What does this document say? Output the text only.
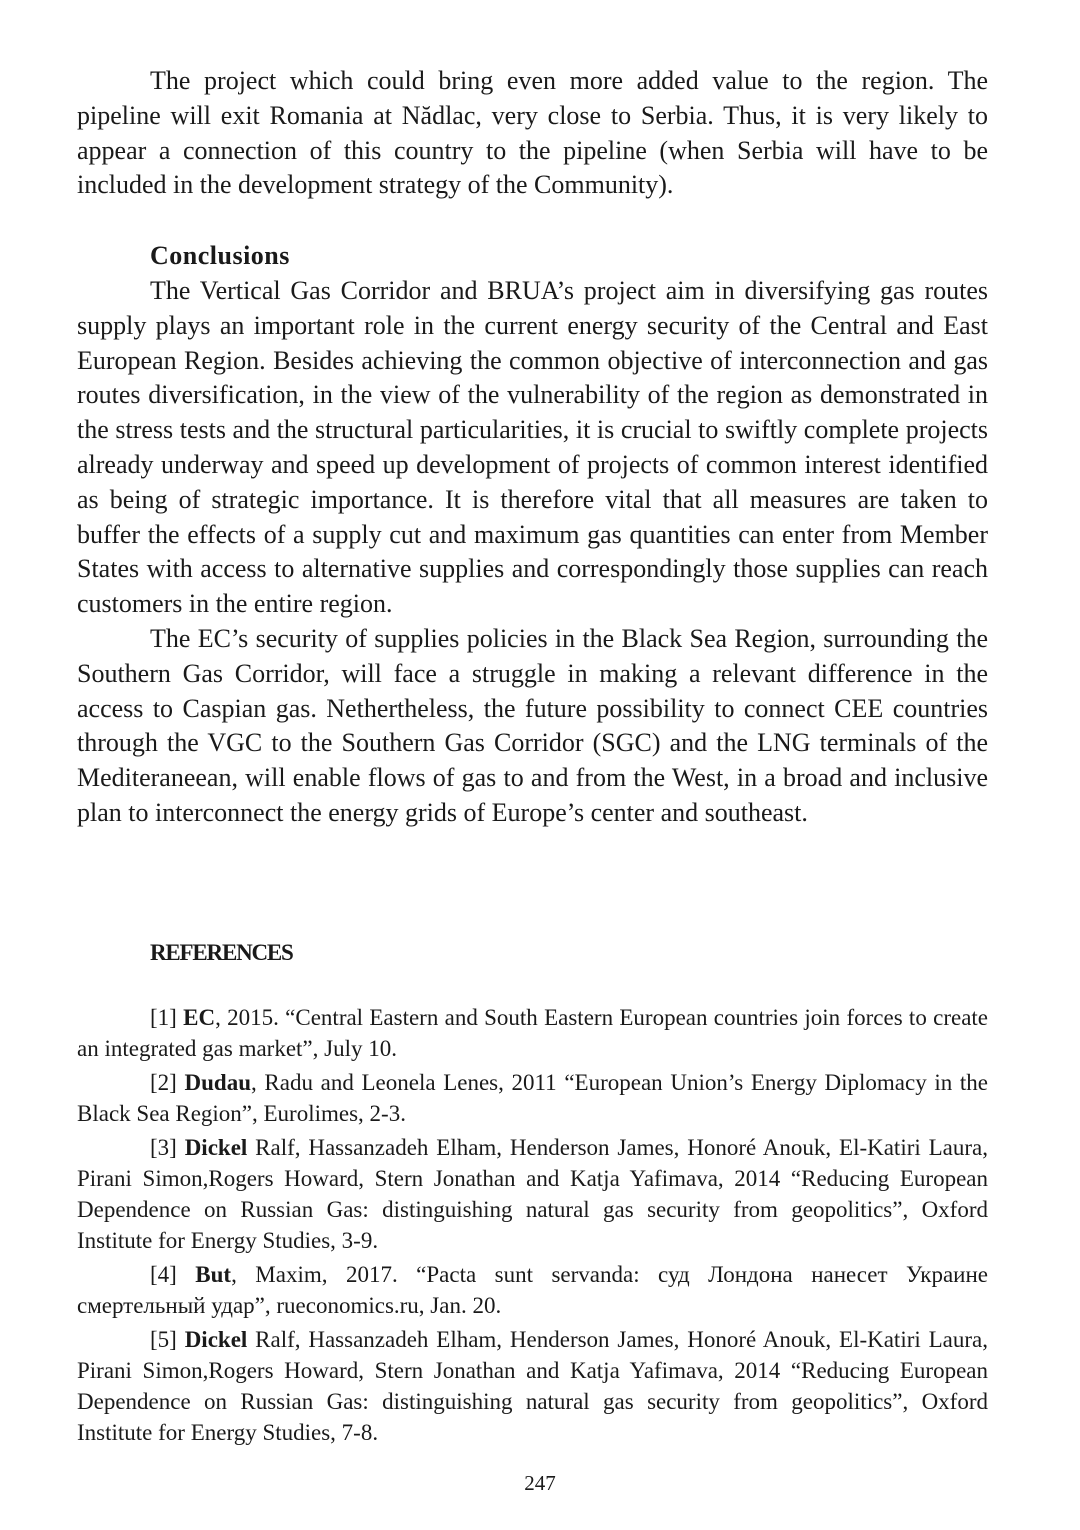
The project which could bring even more added value to the region. The pipeline will exit Romania at Nădlac, very close to Serbia. Thus, it is very likely to appear a connection of this country to the pipeline (when Serbia will have to be included in the development strategy of the Community).

Conclusions

The Vertical Gas Corridor and BRUA’s project aim in diversifying gas routes supply plays an important role in the current energy security of the Central and East European Region. Besides achieving the common objective of interconnection and gas routes diversification, in the view of the vulnerability of the region as demonstrated in the stress tests and the structural particularities, it is crucial to swiftly complete projects already underway and speed up development of projects of common interest identified as being of strategic importance. It is therefore vital that all measures are taken to buffer the effects of a supply cut and maximum gas quantities can enter from Member States with access to alternative supplies and correspondingly those supplies can reach customers in the entire region.

The EC’s security of supplies policies in the Black Sea Region, surrounding the Southern Gas Corridor, will face a struggle in making a relevant difference in the access to Caspian gas. Nethertheless, the future possibility to connect CEE countries through the VGC to the Southern Gas Corridor (SGC) and the LNG terminals of the Mediteraneean, will enable flows of gas to and from the West, in a broad and inclusive plan to interconnect the energy grids of Europe’s center and southeast.

REFERENCES

[1] EC, 2015. “Central Eastern and South Eastern European countries join forces to create an integrated gas market”, July 10.

[2] Dudau, Radu and Leonela Lenes, 2011 “European Union’s Energy Diplomacy in the Black Sea Region”, Eurolimes, 2-3.

[3] Dickel Ralf, Hassanzadeh Elham, Henderson James, Honoré Anouk, El-Katiri Laura, Pirani Simon,Rogers Howard, Stern Jonathan and Katja Yafimava, 2014 “Reducing European Dependence on Russian Gas: distinguishing natural gas security from geopolitics”, Oxford Institute for Energy Studies, 3-9.

[4] But, Maxim, 2017. “Pacta sunt servanda: суд Лондона нанесет Украине смертельный удар”, rueconomics.ru, Jan. 20.

[5] Dickel Ralf, Hassanzadeh Elham, Henderson James, Honoré Anouk, El-Katiri Laura, Pirani Simon,Rogers Howard, Stern Jonathan and Katja Yafimava, 2014 “Reducing European Dependence on Russian Gas: distinguishing natural gas security from geopolitics”, Oxford Institute for Energy Studies, 7-8.

247
